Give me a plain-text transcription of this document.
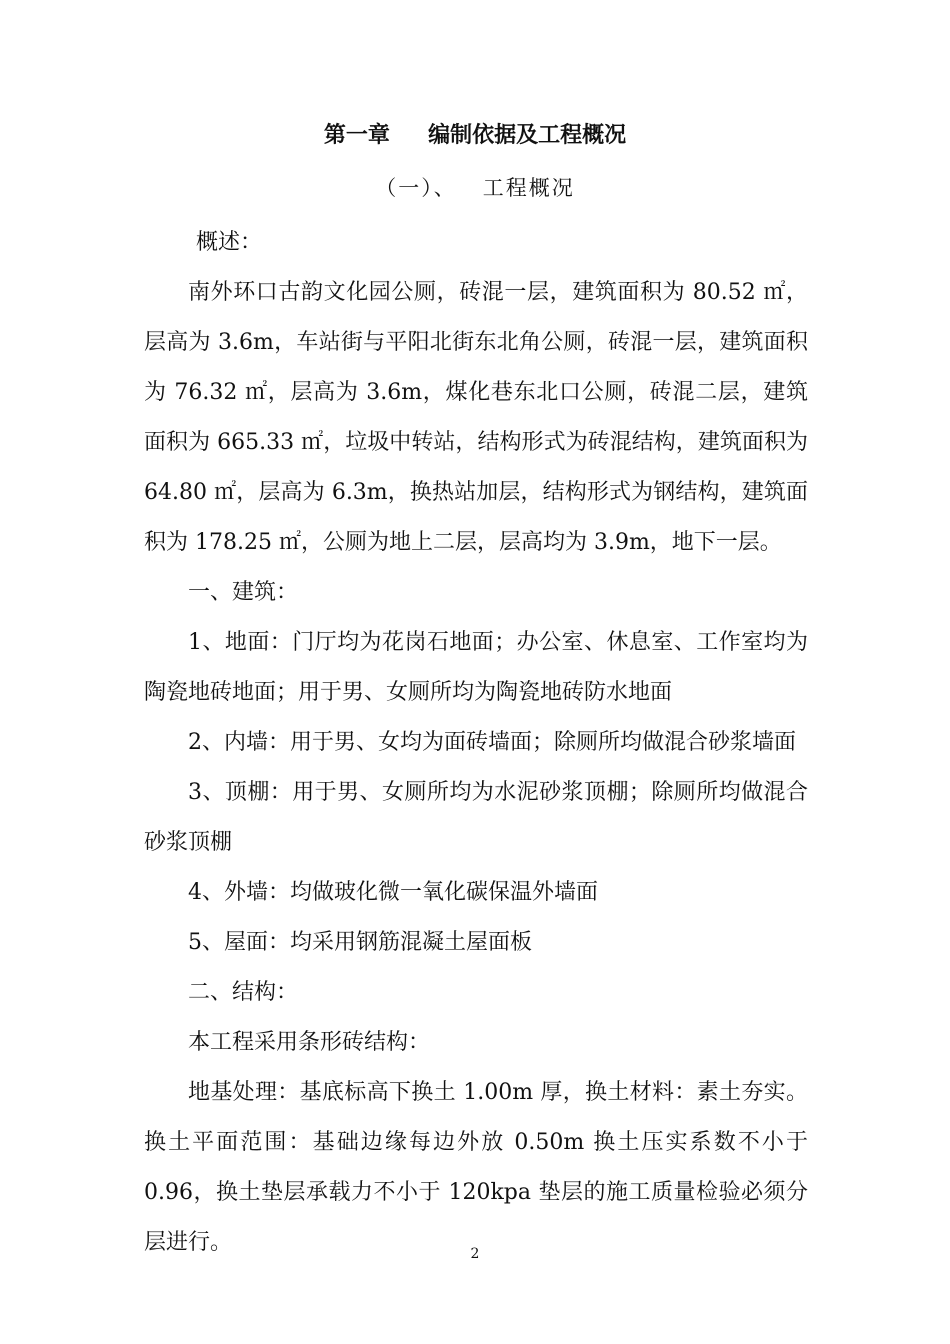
第一章     编制依据及工程概况
（一）、   工程概况

概述：

南外环口古韵文化园公厕，砖混一层，建筑面积为 80.52 ㎡，层高为 3.6m，车站街与平阳北街东北角公厕，砖混一层，建筑面积为 76.32 ㎡，层高为 3.6m，煤化巷东北口公厕，砖混二层，建筑面积为 665.33 ㎡，垃圾中转站，结构形式为砖混结构，建筑面积为 64.80 ㎡，层高为 6.3m，换热站加层，结构形式为钢结构，建筑面积为 178.25 ㎡，公厕为地上二层，层高均为 3.9m，地下一层。

一、建筑：

1、地面：门厅均为花岗石地面；办公室、休息室、工作室均为陶瓷地砖地面；用于男、女厕所均为陶瓷地砖防水地面

2、内墙：用于男、女均为面砖墙面；除厕所均做混合砂浆墙面

3、顶棚：用于男、女厕所均为水泥砂浆顶棚；除厕所均做混合砂浆顶棚

4、外墙：均做玻化微一氧化碳保温外墙面

5、屋面：均采用钢筋混凝土屋面板

二、结构：

本工程采用条形砖结构：

地基处理：基底标高下换土 1.00m 厚，换土材料：素土夯实。换土平面范围：基础边缘每边外放 0.50m 换土压实系数不小于 0.96，换土垫层承载力不小于 120kpa 垫层的施工质量检验必须分层进行。	2
